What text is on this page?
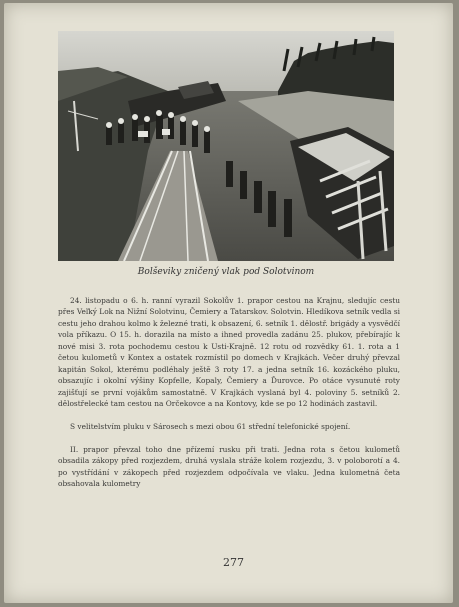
Bolševiky zničený vlak pod Solotvinom

24. listopadu o 6. h. ranní vyrazil Sokolův 1. prapor cestou na Krajnu, sledujíc cestu přes Veľký Lok na Nižní Solotvinu, Čemiery a Tatarskov. Solotvin. Hledíkova setník vedla si cestu jeho drahou kolmo k železné trati, k obsazení, 6. setník 1. dělostř. brigády a vysvědčí vola příkazu. O 15. h. dorazila na místo a ihned provedla zadánu 25. plukov, přebírajíc k nové misi 3. rota pochodemu cestou k Usti-Krajně. 12 rotu od rozvědky 61. 1. rota a 1 četou kulometů v Kontex a ostatek rozmístil po domech v Krajkách. Večer druhý převzal kapitán Sokol, kterému podléhaly ještě 3 roty 17. a jedna setník 16. kozáckého pluku, obsazujíc i okolní výšiny Kopfelle, Kopaly, Čemiery a Ďurovce. Po otáce vysunuté roty zajišťují se první vojákům samostatně. V Krajkách vyslaná byl 4. poloviny 5. setníků 2. dělostřelecké tam cestou na Orčekovce a na Kontovy, kde se po 12 hodinách zastavil.

S velitelstvím pluku v Sárosech s mezi obou 61 střední telefonické spojení.

II. prapor převzal toho dne přízemí rusku při trati. Jedna rota s četou kulometů obsadila zákopy před rozjezdem, druhá vyslala stráže kolem rozjezdu, 3. v poloborotí a 4. po vystřídání v zákopech před rozjezdem odpočívala ve vlaku. Jedna kulometná četa obsahovala kulometry

277
